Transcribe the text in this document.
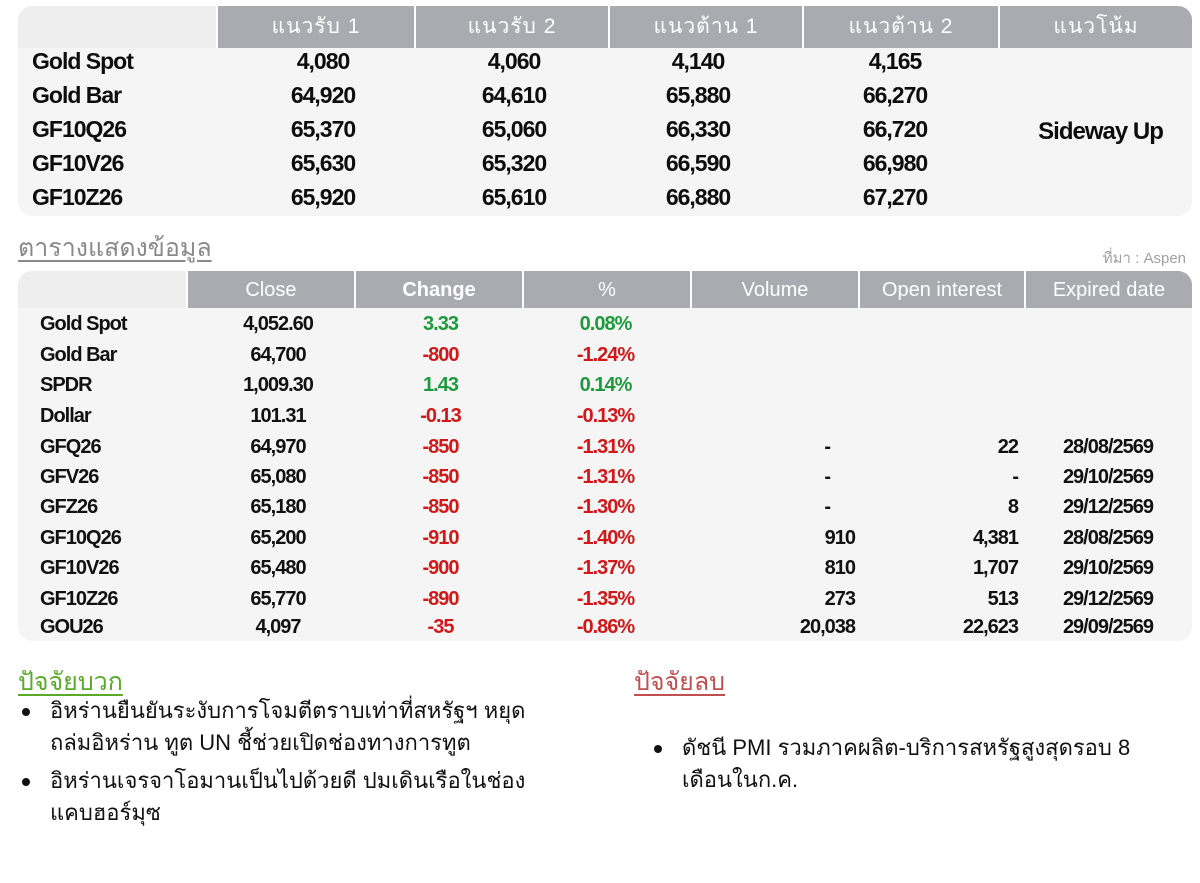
แนวรับ 1	แนวรับ 2	แนวต้าน 1	แนวต้าน 2	แนวโน้ม
Gold Spot	4,080	4,060	4,140	4,165
Gold Bar	64,920	64,610	65,880	66,270
GF10Q26	65,370	65,060	66,330	66,720
GF10V26	65,630	65,320	66,590	66,980
GF10Z26	65,920	65,610	66,880	67,270
Sideway Up
ตารางแสดงข้อมูล	ที่มา : Aspen
Close	Change	%	Volume	Open interest	Expired date
Gold Spot	4,052.60	3.33	0.08%
Gold Bar	64,700	-800	-1.24%
SPDR	1,009.30	1.43	0.14%
Dollar	101.31	-0.13	-0.13%
GFQ26	64,970	-850	-1.31%	-	22	28/08/2569
GFV26	65,080	-850	-1.31%	-	-	29/10/2569
GFZ26	65,180	-850	-1.30%	-	8	29/12/2569
GF10Q26	65,200	-910	-1.40%	910	4,381	28/08/2569
GF10V26	65,480	-900	-1.37%	810	1,707	29/10/2569
GF10Z26	65,770	-890	-1.35%	273	513	29/12/2569
GOU26	4,097	-35	-0.86%	20,038	22,623	29/09/2569
ปัจจัยบวก
อิหร่านยืนยันระงับการโจมตีตราบเท่าที่สหรัฐฯ หยุดถล่มอิหร่าน ทูต UN ชี้ช่วยเปิดช่องทางการทูต
อิหร่านเจรจาโอมานเป็นไปด้วยดี ปมเดินเรือในช่องแคบฮอร์มุซ
ปัจจัยลบ
ดัชนี PMI รวมภาคผลิต-บริการสหรัฐสูงสุดรอบ 8 เดือนในก.ค.
